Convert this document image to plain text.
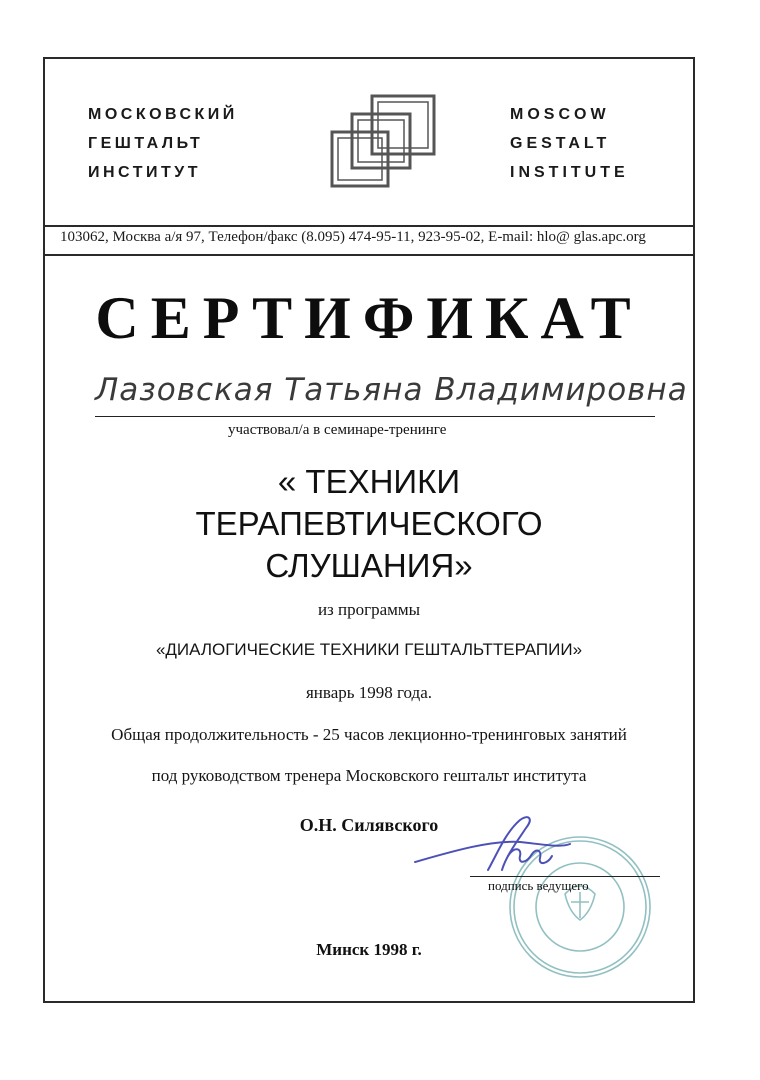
МОСКОВСКИЙ
ГЕШТАЛЬТ
ИНСТИТУТ
MOSCOW
GESTALT
INSTITUTE
103062, Москва а/я 97, Телефон/факс (8.095) 474-95-11, 923-95-02, E-mail: hlo@ glas.apc.org
СЕРТИФИКАТ
Лазовская Татьяна Владимировна
участвовал/а в семинаре-тренинге
« ТЕХНИКИ
ТЕРАПЕВТИЧЕСКОГО
СЛУШАНИЯ»
из программы
«ДИАЛОГИЧЕСКИЕ ТЕХНИКИ ГЕШТАЛЬТТЕРАПИИ»
январь 1998 года.
Общая продолжительность - 25 часов лекционно-тренинговых занятий
под руководством тренера Московского гештальт института
О.Н. Силявского
подпись ведущего
Минск 1998 г.
